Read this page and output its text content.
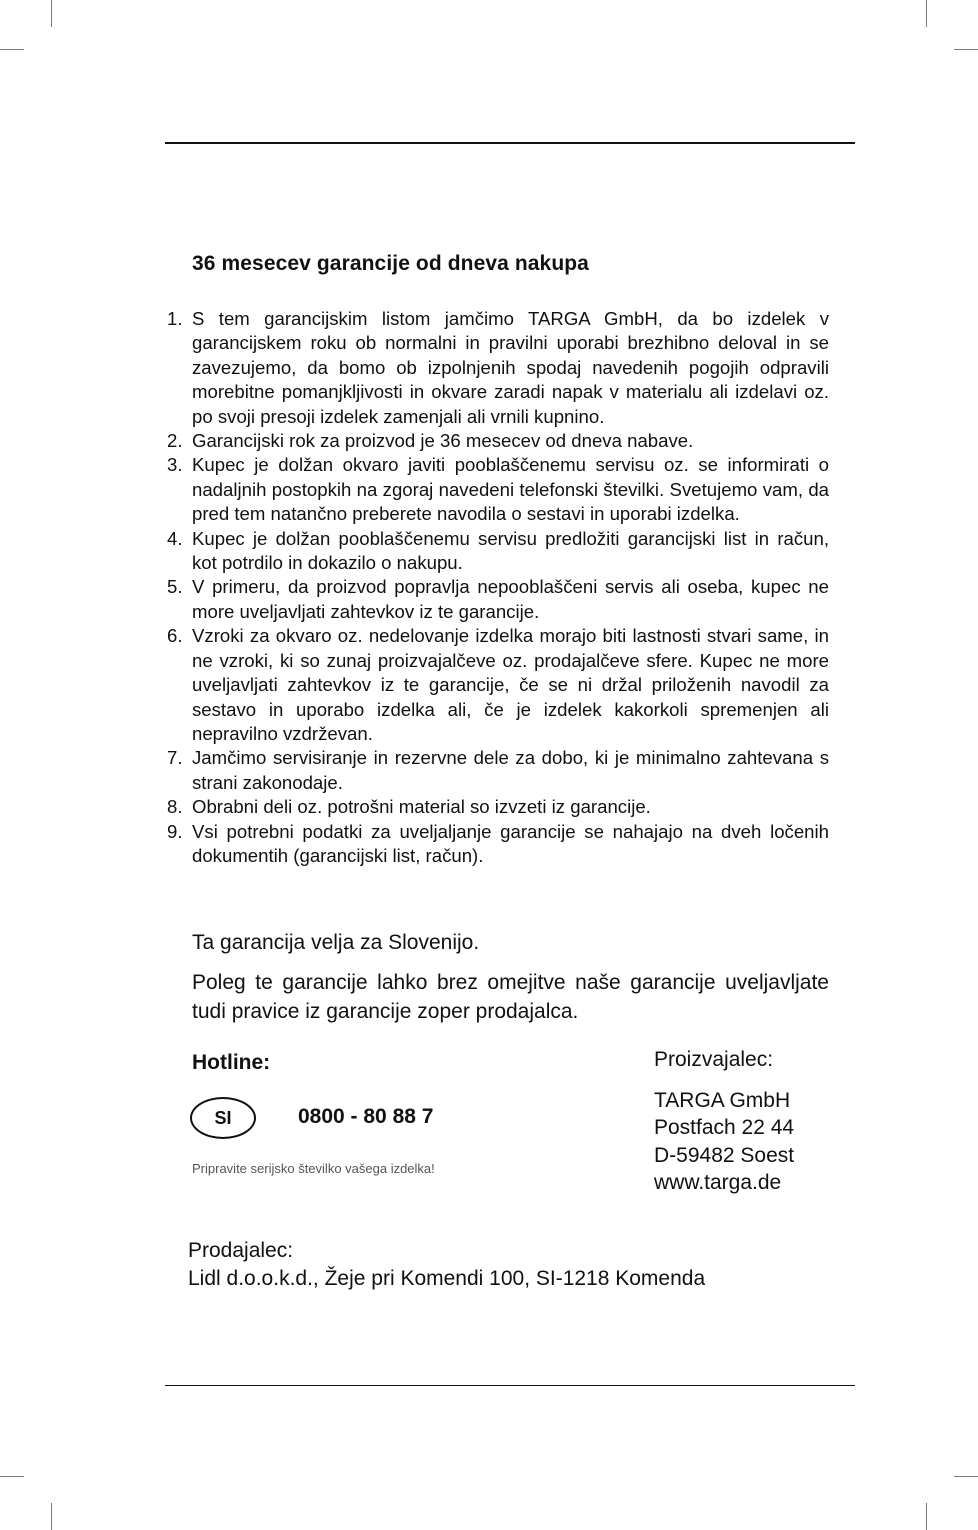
36 mesecev garancije od dneva nakupa
1. S tem garancijskim listom jamčimo TARGA GmbH, da bo izdelek v garancijskem roku ob normalni in pravilni uporabi brezhibno deloval in se zavezujemo, da bomo ob izpolnjenih spodaj navedenih pogojih odpravili morebitne pomanjkljivosti in okvare zaradi napak v materialu ali izdelavi oz. po svoji presoji izdelek zamenjali ali vrnili kupnino.
2. Garancijski rok za proizvod je 36 mesecev od dneva nabave.
3. Kupec je dolžan okvaro javiti pooblaščenemu servisu oz. se informirati o nadaljnih postopkih na zgoraj navedeni telefonski številki. Svetujemo vam, da pred tem natančno preberete navodila o sestavi in uporabi izdelka.
4. Kupec je dolžan pooblaščenemu servisu predložiti garancijski list in račun, kot potrdilo in dokazilo o nakupu.
5. V primeru, da proizvod popravlja nepooblaščeni servis ali oseba, kupec ne more uveljavljati zahtevkov iz te garancije.
6. Vzroki za okvaro oz. nedelovanje izdelka morajo biti lastnosti stvari same, in ne vzroki, ki so zunaj proizvajalčeve oz. prodajalčeve sfere. Kupec ne more uveljavljati zahtevkov iz te garancije, če se ni držal priloženih navodil za sestavo in uporabo izdelka ali, če je izdelek kakorkoli spremenjen ali nepravilno vzdrževan.
7. Jamčimo servisiranje in rezervne dele za dobo, ki je minimalno zahtevana s strani zakonodaje.
8. Obrabni deli oz. potrošni material so izvzeti iz garancije.
9. Vsi potrebni podatki za uveljaljanje garancije se nahajajo na dveh ločenih dokumentih (garancijski list, račun).
Ta garancija velja za Slovenijo.
Poleg te garancije lahko brez omejitve naše garancije uveljavljate tudi pravice iz garancije zoper prodajalca.
Hotline:
SI	0800 - 80 88 7
Pripravite serijsko številko vašega izdelka!
Proizvajalec:
TARGA GmbH
Postfach 22 44
D-59482 Soest
www.targa.de
Prodajalec:
Lidl d.o.o.k.d., Žeje pri Komendi 100, SI-1218 Komenda
